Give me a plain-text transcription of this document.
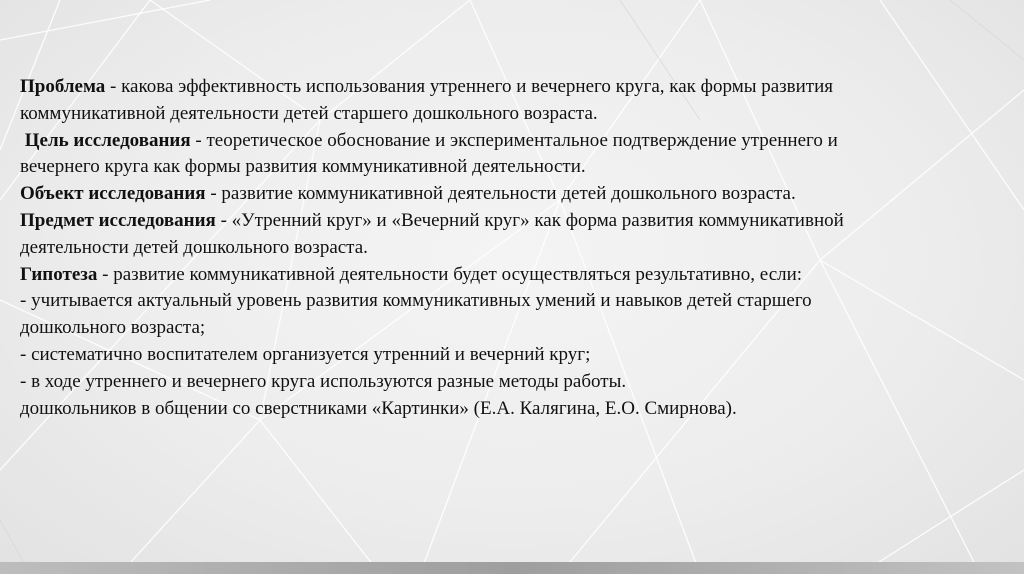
Проблема - какова эффективность использования утреннего и вечернего круга, как формы развития
коммуникативной деятельности детей старшего дошкольного возраста.
Цель исследования - теоретическое обоснование и экспериментальное подтверждение утреннего и
вечернего круга как формы развития коммуникативной деятельности.
Объект исследования - развитие коммуникативной деятельности детей дошкольного возраста.
Предмет исследования - «Утренний круг» и «Вечерний круг» как форма развития коммуникативной
деятельности детей дошкольного возраста.
Гипотеза - развитие коммуникативной деятельности будет осуществляться результативно, если:
- учитывается актуальный уровень развития коммуникативных умений и навыков детей старшего
дошкольного возраста;
- систематично воспитателем организуется утренний и вечерний круг;
- в ходе утреннего и вечернего круга используются разные методы работы.
дошкольников в общении со сверстниками «Картинки» (Е.А. Калягина, Е.О. Смирнова).
